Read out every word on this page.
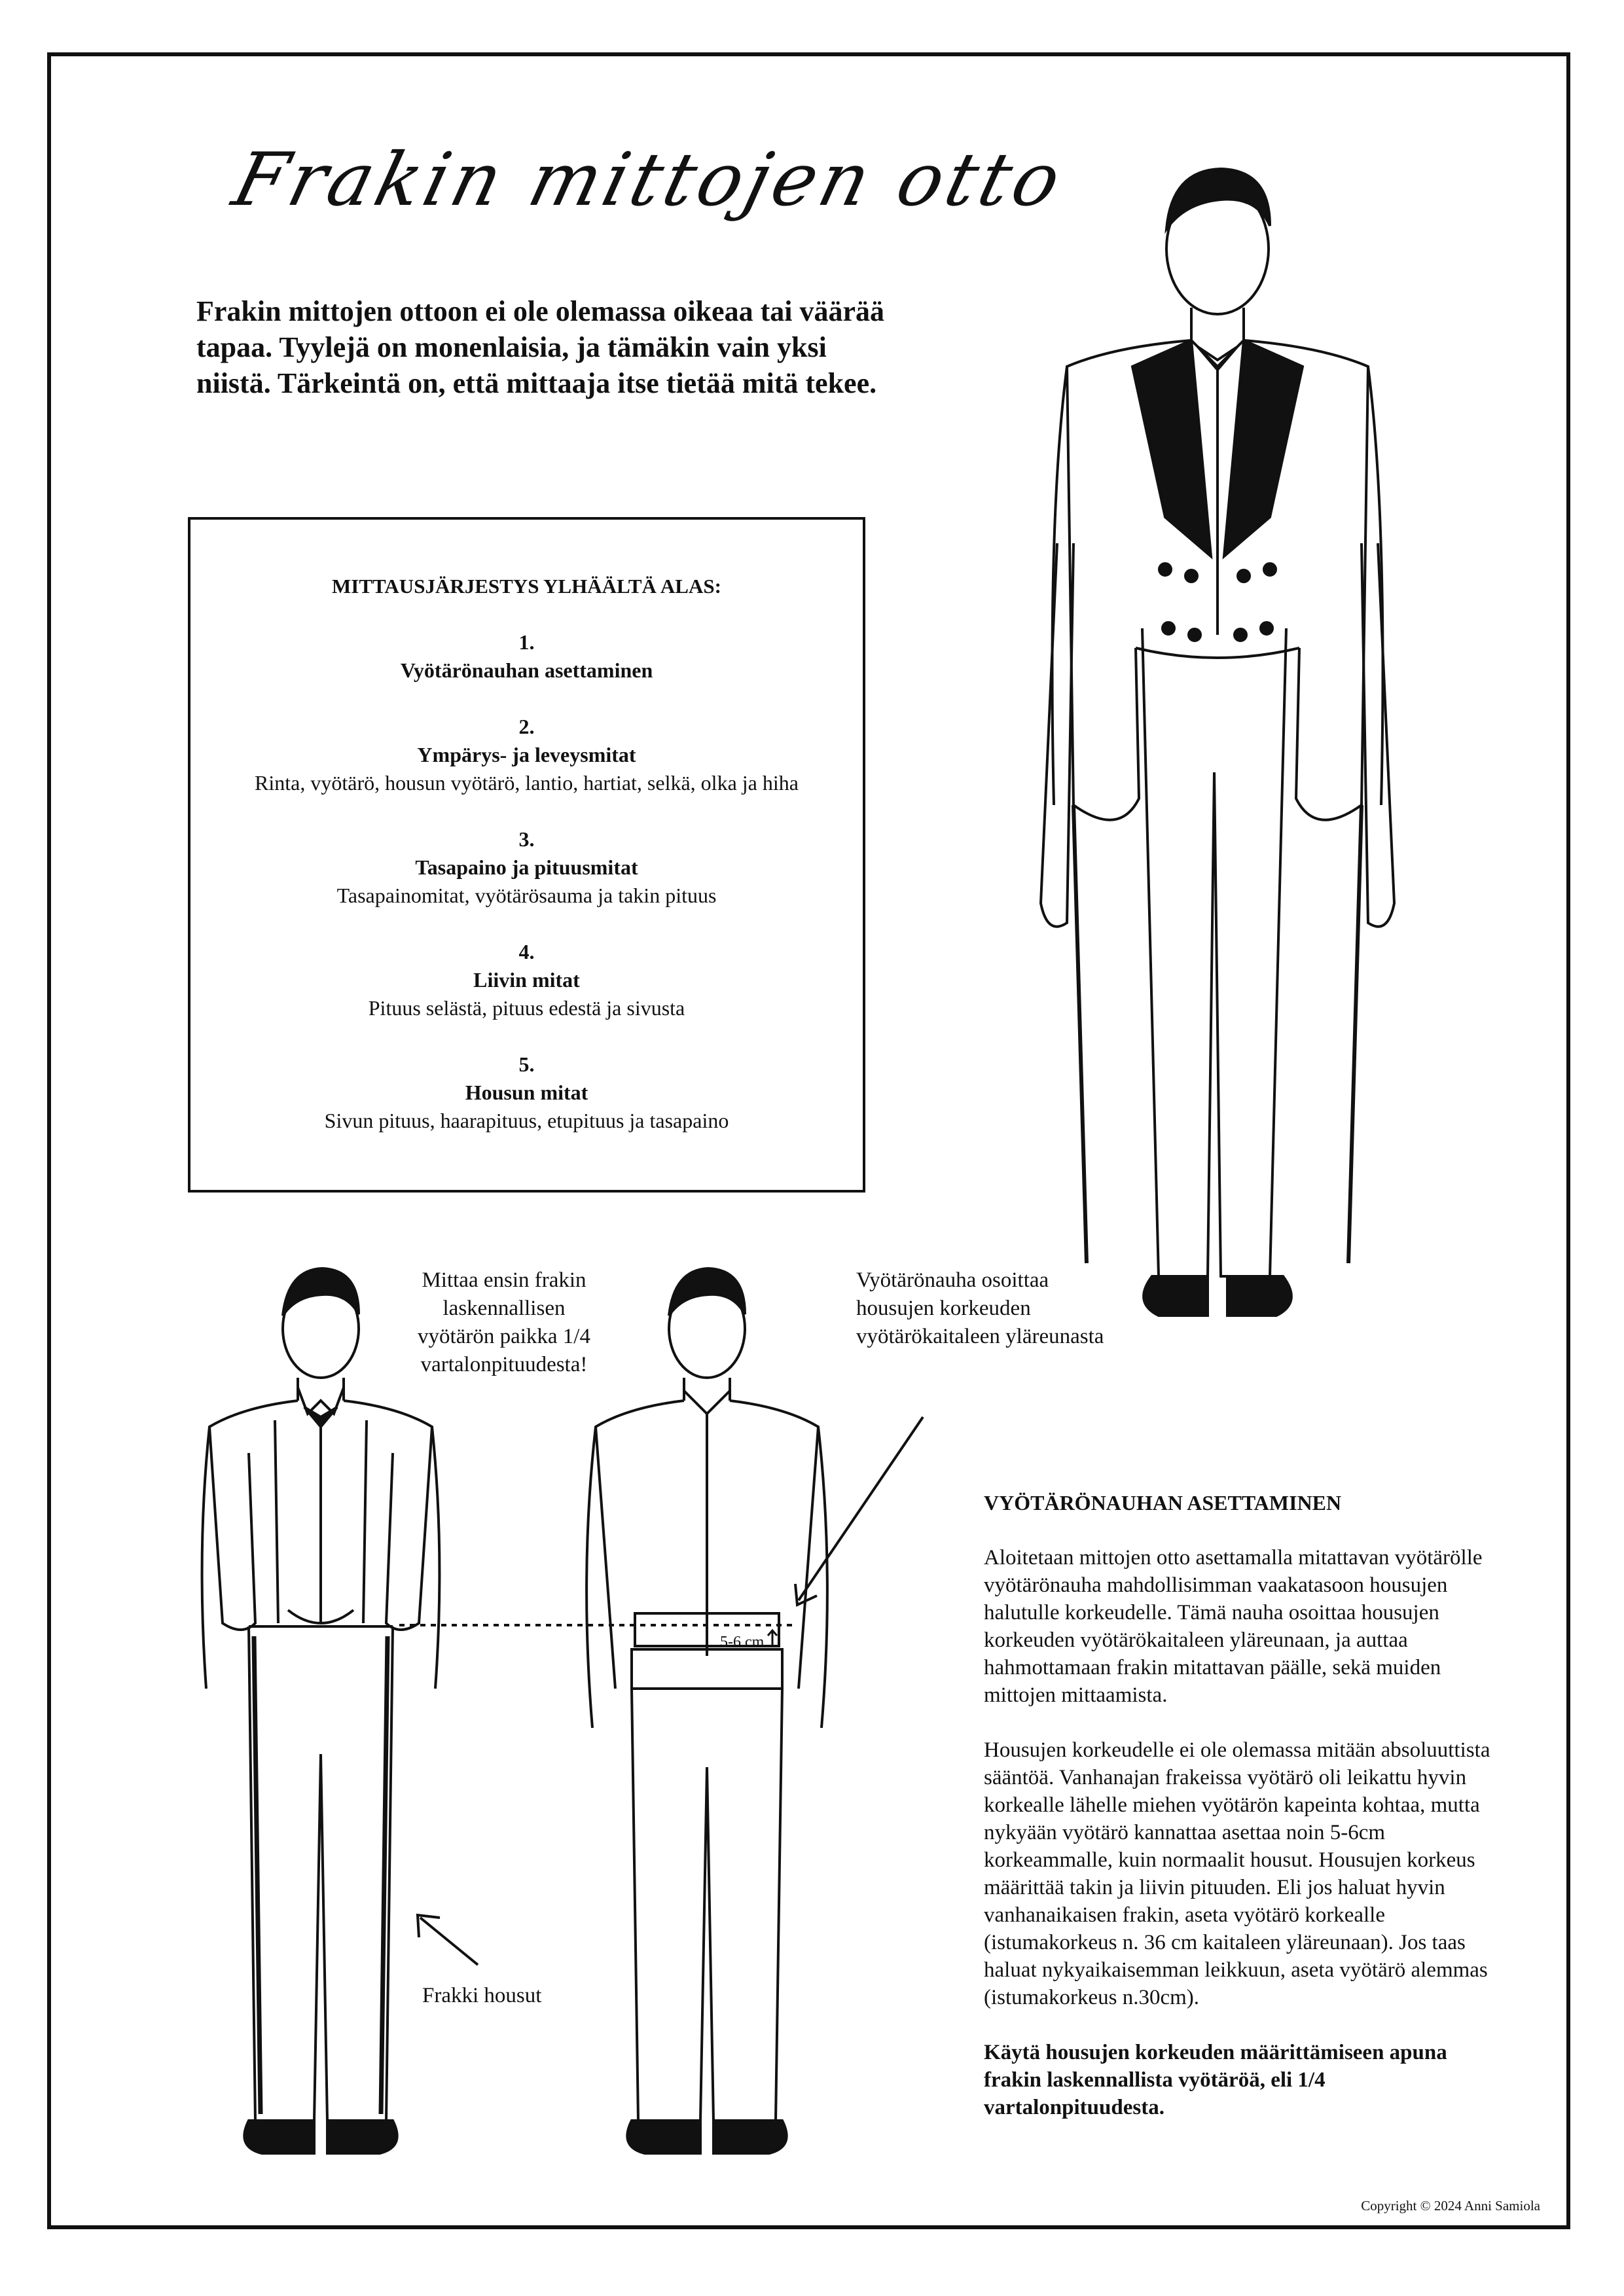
Frakin mittojen otto
Frakin mittojen ottoon ei ole olemassa oikeaa tai väärää tapaa. Tyylejä on monenlaisia, ja tämäkin vain yksi niistä. Tärkeintä on, että mittaaja itse tietää mitä tekee.
MITTAUSJÄRJESTYS YLHÄÄLTÄ ALAS:
1.
Vyötärönauhan asettaminen
2.
Ympärys- ja leveysmitat
Rinta, vyötärö, housun vyötärö, lantio, hartiat, selkä, olka ja hiha
3.
Tasapaino ja pituusmitat
Tasapainomitat, vyötärösauma ja takin pituus
4.
Liivin mitat
Pituus selästä, pituus edestä ja sivusta
5.
Housun mitat
Sivun pituus, haarapituus, etupituus ja tasapaino
5-6 cm
Mittaa ensin frakin laskennallisen vyötärön paikka 1/4 vartalonpituudesta!
Vyötärönauha osoittaa housujen korkeuden vyötärökaitaleen yläreunasta
Frakki housut
VYÖTÄRÖNAUHAN ASETTAMINEN

Aloitetaan mittojen otto asettamalla mitattavan vyötärölle vyötärönauha mahdollisimman vaakatasoon housujen halutulle korkeudelle. Tämä nauha osoittaa housujen korkeuden vyötärökaitaleen yläreunaan, ja auttaa hahmottamaan frakin mitattavan päälle, sekä muiden mittojen mittaamista.

Housujen korkeudelle ei ole olemassa mitään absoluuttista sääntöä. Vanhanajan frakeissa vyötärö oli leikattu hyvin korkealle lähelle miehen vyötärön kapeinta kohtaa, mutta nykyään vyötärö kannattaa asettaa noin 5-6cm korkeammalle, kuin normaalit housut. Housujen korkeus määrittää takin ja liivin pituuden. Eli jos haluat hyvin vanhanaikaisen frakin, aseta vyötärö korkealle (istumakorkeus n. 36 cm kaitaleen yläreunaan). Jos taas haluat nykyaikaisemman leikkuun, aseta vyötärö alemmas (istumakorkeus n.30cm).

Käytä housujen korkeuden määrittämiseen apuna frakin laskennallista vyötäröä, eli 1/4 vartalonpituudesta.

Copyright © 2024 Anni Samiola
